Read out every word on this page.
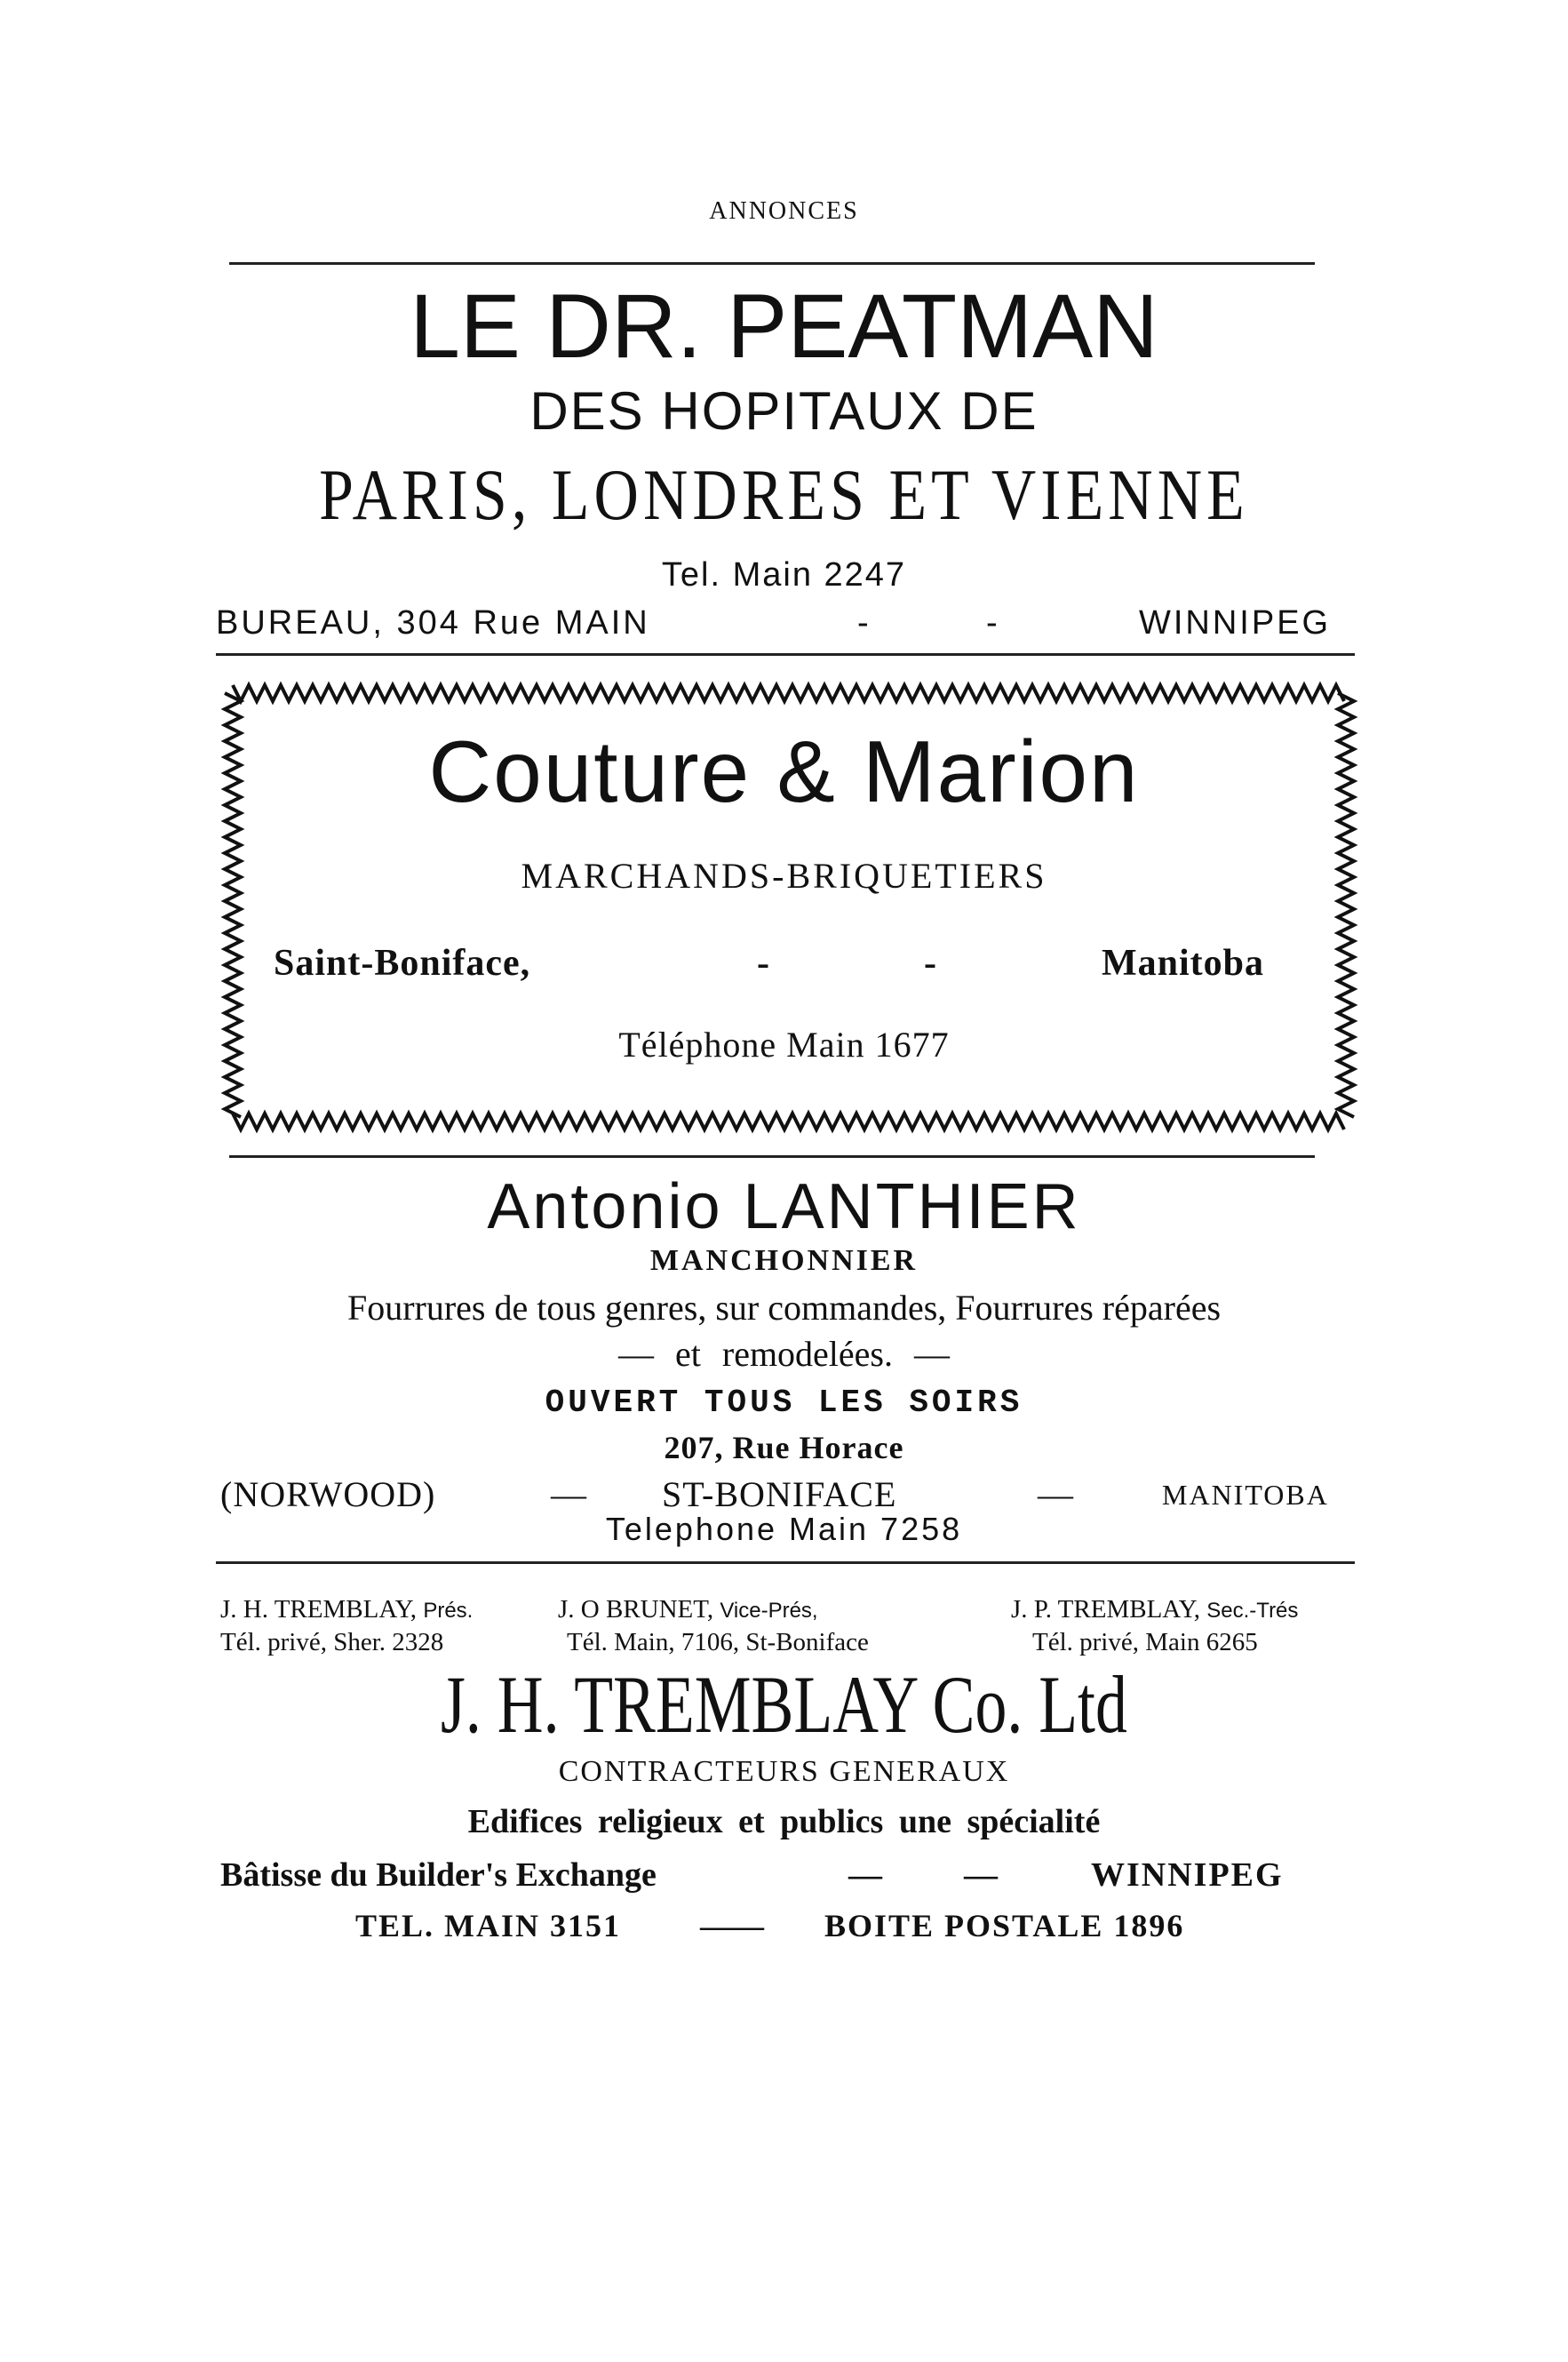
ANNONCES
LE DR. PEATMAN
DES HOPITAUX DE
PARIS, LONDRES ET VIENNE
Tel. Main 2247
BUREAU, 304 Rue MAIN	-	-	WINNIPEG
Couture & Marion
MARCHANDS-BRIQUETIERS
Saint-Boniface,	-	-	Manitoba
Téléphone Main 1677
Antonio LANTHIER
MANCHONNIER
Fourrures de tous genres, sur commandes, Fourrures réparées
— et remodelées. —
OUVERT TOUS LES SOIRS
207, Rue Horace
(NORWOOD)	— ST-BONIFACE	—	MANITOBA
Telephone Main 7258
J. H. TREMBLAY, Prés.
Tél. privé, Sher. 2328
J. O BRUNET, Vice-Prés,
Tél. Main, 7106, St-Boniface
J. P. TREMBLAY, Sec.-Trés
Tél. privé, Main 6265
J. H. TREMBLAY Co. Ltd
CONTRACTEURS GENERAUX
Edifices religieux et publics une spécialité
Bâtisse du Builder's Exchange	— —	WINNIPEG
TEL. MAIN 3151 —— BOITE POSTALE 1896
